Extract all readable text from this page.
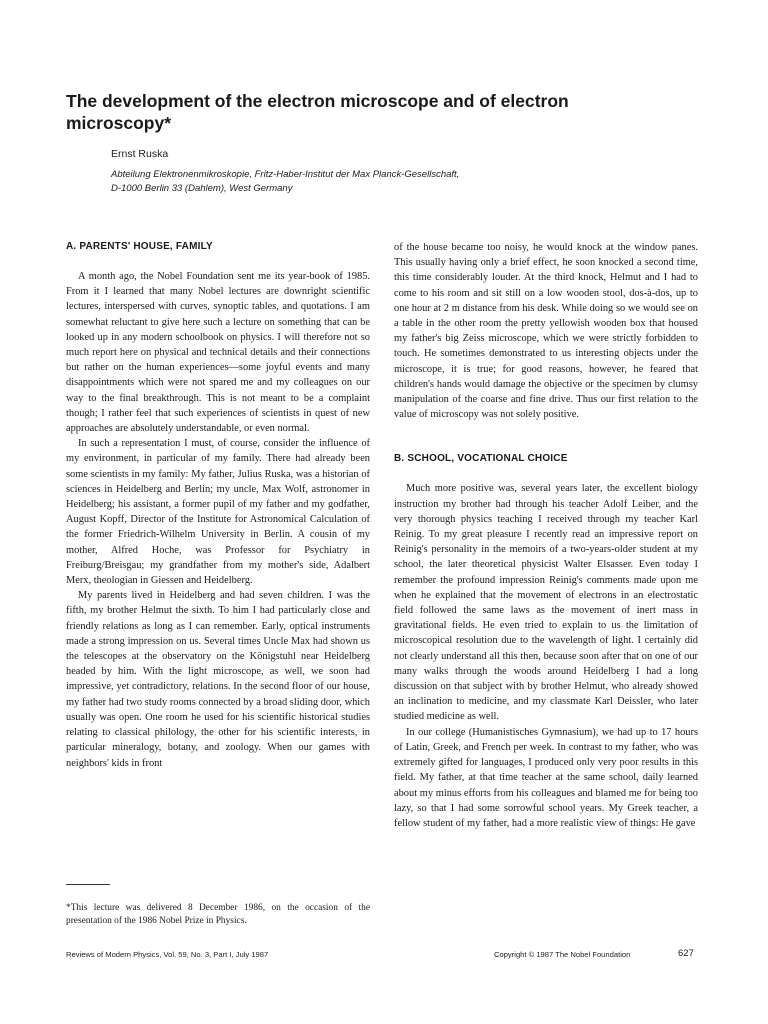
The development of the electron microscope and of electron microscopy*
Ernst Ruska
Abteilung Elektronenmikroskopie, Fritz-Haber-Institut der Max Planck-Gesellschaft,
D-1000 Berlin 33 (Dahlem), West Germany
A. PARENTS' HOUSE, FAMILY

A month ago, the Nobel Foundation sent me its year-book of 1985. From it I learned that many Nobel lectures are downright scientific lectures, interspersed with curves, synoptic tables, and quotations. I am somewhat reluctant to give here such a lecture on something that can be looked up in any modern schoolbook on physics. I will therefore not so much report here on physical and technical details and their connections but rather on the human experiences—some joyful events and many disappointments which were not spared me and my colleagues on our way to the final breakthrough. This is not meant to be a complaint though; I rather feel that such experiences of scientists in quest of new approaches are absolutely understandable, or even normal.

In such a representation I must, of course, consider the influence of my environment, in particular of my family. There had already been some scientists in my family: My father, Julius Ruska, was a historian of sciences in Heidelberg and Berlin; my uncle, Max Wolf, astronomer in Heidelberg; his assistant, a former pupil of my father and my godfather, August Kopff, Director of the Institute for Astronomical Calculation of the former Friedrich-Wilhelm University in Berlin. A cousin of my mother, Alfred Hoche, was Professor for Psychiatry in Freiburg/Breisgau; my grandfather from my mother's side, Adalbert Merx, theologian in Giessen and Heidelberg.

My parents lived in Heidelberg and had seven children. I was the fifth, my brother Helmut the sixth. To him I had particularly close and friendly relations as long as I can remember. Early, optical instruments made a strong impression on us. Several times Uncle Max had shown us the telescopes at the observatory on the Königstuhl near Heidelberg headed by him. With the light microscope, as well, we soon had impressive, yet contradictory, relations. In the second floor of our house, my father had two study rooms connected by a broad sliding door, which usually was open. One room he used for his scientific historical studies relating to classical philology, the other for his scientific interests, in particular mineralogy, botany, and zoology. When our games with neighbors' kids in front

of the house became too noisy, he would knock at the window panes. This usually having only a brief effect, he soon knocked a second time, this time considerably louder. At the third knock, Helmut and I had to come to his room and sit still on a low wooden stool, dos-à-dos, up to one hour at 2 m distance from his desk. While doing so we would see on a table in the other room the pretty yellowish wooden box that housed my father's big Zeiss microscope, which we were strictly forbidden to touch. He sometimes demonstrated to us interesting objects under the microscope, it is true; for good reasons, however, he feared that children's hands would damage the objective or the specimen by clumsy manipulation of the coarse and fine drive. Thus our first relation to the value of microscopy was not solely positive.

B. SCHOOL, VOCATIONAL CHOICE

Much more positive was, several years later, the excellent biology instruction my brother had through his teacher Adolf Leiber, and the very thorough physics teaching I received through my teacher Karl Reinig. To my great pleasure I recently read an impressive report on Reinig's personality in the memoirs of a two-years-older student at my school, the later theoretical physicist Walter Elsasser. Even today I remember the profound impression Reinig's comments made upon me when he explained that the movement of electrons in an electrostatic field followed the same laws as the movement of inert mass in gravitational fields. He even tried to explain to us the limitation of microscopical resolution due to the wavelength of light. I certainly did not clearly understand all this then, because soon after that on one of our many walks through the woods around Heidelberg I had a long discussion on that subject with by brother Helmut, who already showed an inclination to medicine, and my classmate Karl Deissler, who later studied medicine as well.

In our college (Humanistisches Gymnasium), we had up to 17 hours of Latin, Greek, and French per week. In contrast to my father, who was extremely gifted for languages, I produced only very poor results in this field. My father, at that time teacher at the same school, daily learned about my minus efforts from his colleagues and blamed me for being too lazy, so that I had some sorrowful school years. My Greek teacher, a fellow student of my father, had a more realistic view of things: He gave

*This lecture was delivered 8 December 1986, on the occasion of the presentation of the 1986 Nobel Prize in Physics.
Reviews of Modern Physics, Vol. 59, No. 3, Part I, July 1987	Copyright © 1987 The Nobel Foundation	627
